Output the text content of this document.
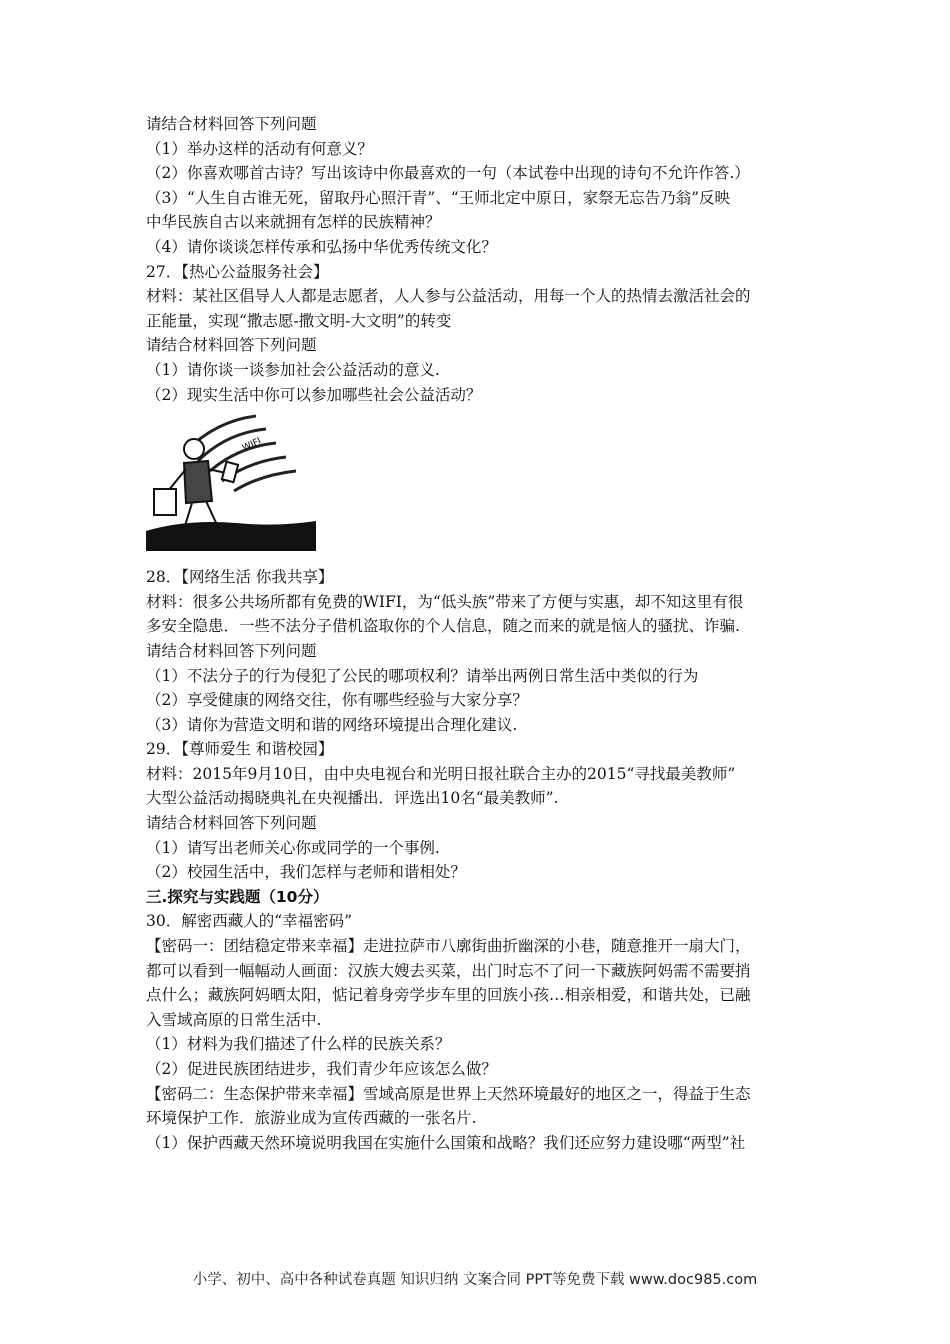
请结合材料回答下列问题
（1）举办这样的活动有何意义？
（2）你喜欢哪首古诗？写出该诗中你最喜欢的一句（本试卷中出现的诗句不允许作答.）
（3）“人生自古谁无死，留取丹心照汗青”、“王师北定中原日，家祭无忘告乃翁”反映
中华民族自古以来就拥有怎样的民族精神？
（4）请你谈谈怎样传承和弘扬中华优秀传统文化？
27．【热心公益服务社会】
材料：某社区倡导人人都是志愿者，人人参与公益活动，用每一个人的热情去激活社会的
正能量，实现“撒志愿-撒文明-大文明”的转变
请结合材料回答下列问题
（1）请你谈一谈参加社会公益活动的意义.
（2）现实生活中你可以参加哪些社会公益活动？
WIFI
28．【网络生活 你我共享】
材料：很多公共场所都有免费的WIFI，为“低头族”带来了方便与实惠，却不知这里有很
多安全隐患．一些不法分子借机盗取你的个人信息，随之而来的就是恼人的骚扰、诈骗.
请结合材料回答下列问题
（1）不法分子的行为侵犯了公民的哪项权利？请举出两例日常生活中类似的行为
（2）享受健康的网络交往，你有哪些经验与大家分享？
（3）请你为营造文明和谐的网络环境提出合理化建议.
29．【尊师爱生 和谐校园】
材料：2015年9月10日，由中央电视台和光明日报社联合主办的2015“寻找最美教师”
大型公益活动揭晓典礼在央视播出．评选出10名“最美教师”.
请结合材料回答下列问题
（1）请写出老师关心你或同学的一个事例.
（2）校园生活中，我们怎样与老师和谐相处？
三.探究与实践题（10分）
30．解密西藏人的“幸福密码”
【密码一：团结稳定带来幸福】走进拉萨市八廓街曲折幽深的小巷，随意推开一扇大门，
都可以看到一幅幅动人画面：汉族大嫂去买菜，出门时忘不了问一下藏族阿妈需不需要捎
点什么；藏族阿妈晒太阳，惦记着身旁学步车里的回族小孩…相亲相爱，和谐共处，已融
入雪域高原的日常生活中.
（1）材料为我们描述了什么样的民族关系？
（2）促进民族团结进步，我们青少年应该怎么做？
【密码二：生态保护带来幸福】雪域高原是世界上天然环境最好的地区之一，得益于生态
环境保护工作．旅游业成为宣传西藏的一张名片.
（1）保护西藏天然环境说明我国在实施什么国策和战略？我们还应努力建设哪“两型”社
小学、初中、高中各种试卷真题 知识归纳 文案合同 PPT等免费下载 www.doc985.com
